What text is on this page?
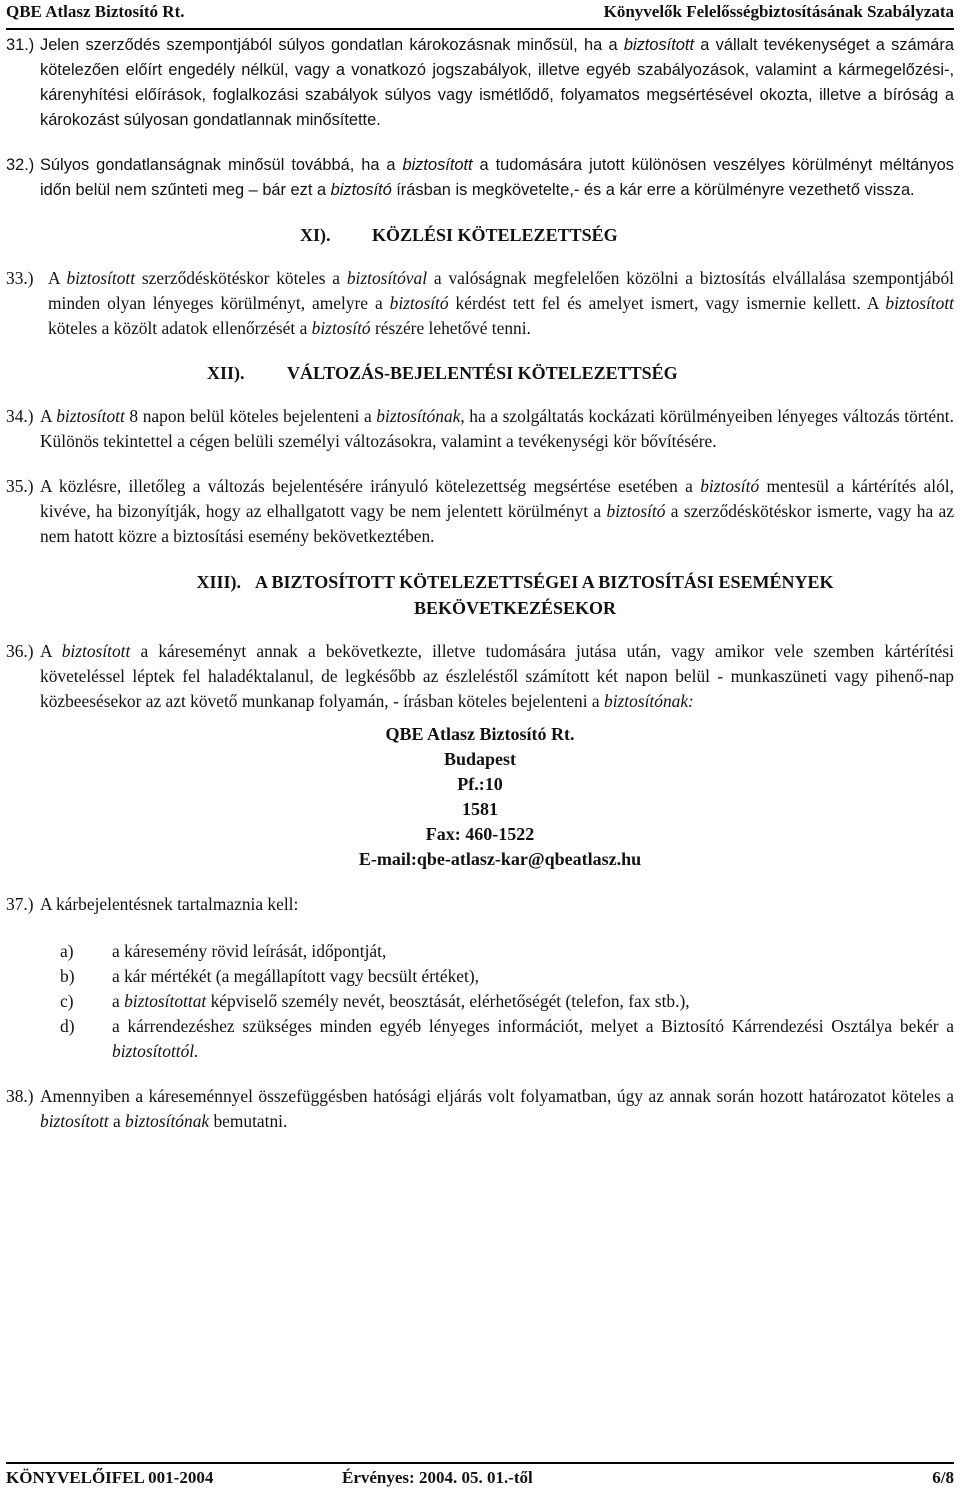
QBE Atlasz Biztosító Rt.	Könyvelők Felelősségbiztosításának Szabályzata
31.) Jelen szerződés szempontjából súlyos gondatlan károkozásnak minősül, ha a biztosított a vállalt tevékenységet a számára kötelezően előírt engedély nélkül, vagy a vonatkozó jogszabályok, illetve egyéb szabályozások, valamint a kármegelőzési-, kárenyhítési előírások, foglalkozási szabályok súlyos vagy ismétlődő, folyamatos megsértésével okozta, illetve a bíróság a károkozást súlyosan gondatlannak minősítette.
32.) Súlyos gondatlanságnak minősül továbbá, ha a biztosított a tudomására jutott különösen veszélyes körülményt méltányos időn belül nem szűnteti meg – bár ezt a biztosító írásban is megkövetelte,- és a kár erre a körülményre vezethető vissza.
XI). KÖZLÉSI KÖTELEZETTSÉG
33.) A biztosított szerződéskötéskor köteles a biztosítóval a valóságnak megfelelően közölni a biztosítás elvállalása szempontjából minden olyan lényeges körülményt, amelyre a biztosító kérdést tett fel és amelyet ismert, vagy ismernie kellett. A biztosított köteles a közölt adatok ellenőrzését a biztosító részére lehetővé tenni.
XII). VÁLTOZÁS-BEJELENTÉSI KÖTELEZETTSÉG
34.) A biztosított 8 napon belül köteles bejelenteni a biztosítónak, ha a szolgáltatás kockázati körülményeiben lényeges változás történt. Különös tekintettel a cégen belüli személyi változásokra, valamint a tevékenységi kör bővítésére.
35.) A közlésre, illetőleg a változás bejelentésére irányuló kötelezettség megsértése esetében a biztosító mentesül a kártérítés alól, kivéve, ha bizonyítják, hogy az elhallgatott vagy be nem jelentett körülményt a biztosító a szerződéskötéskor ismerte, vagy ha az nem hatott közre a biztosítási esemény bekövetkeztében.
XIII). A BIZTOSÍTOTT KÖTELEZETTSÉGEI A BIZTOSÍTÁSI ESEMÉNYEK
BEKÖVETKEZÉSEKOR
36.) A biztosított a káreseményt annak a bekövetkezte, illetve tudomására jutása után, vagy amikor vele szemben kártérítési követeléssel léptek fel haladéktalanul, de legkésőbb az észleléstől számított két napon belül - munkaszüneti vagy pihenő-nap közbeesésekor az azt követő munkanap folyamán, - írásban köteles bejelenteni a biztosítónak:
QBE Atlasz Biztosító Rt.
Budapest
Pf.:10
1581
Fax: 460-1522
E-mail:qbe-atlasz-kar@qbeatlasz.hu
37.) A kárbejelentésnek tartalmaznia kell:
a)	a káresemény rövid leírását, időpontját,
b)	a kár mértékét (a megállapított vagy becsült értéket),
c)	a biztosítottat képviselő személy nevét, beosztását, elérhetőségét (telefon, fax stb.),
d)	a kárrendezéshez szükséges minden egyéb lényeges információt, melyet a Biztosító Kárrendezési Osztálya bekér a biztosítottól.
38.) Amennyiben a káreseménnyel összefüggésben hatósági eljárás volt folyamatban, úgy az annak során hozott határozatot köteles a biztosított a biztosítónak bemutatni.
KÖNYVELŐIFEL 001-2004	Érvényes: 2004. 05. 01.-től	6/8
